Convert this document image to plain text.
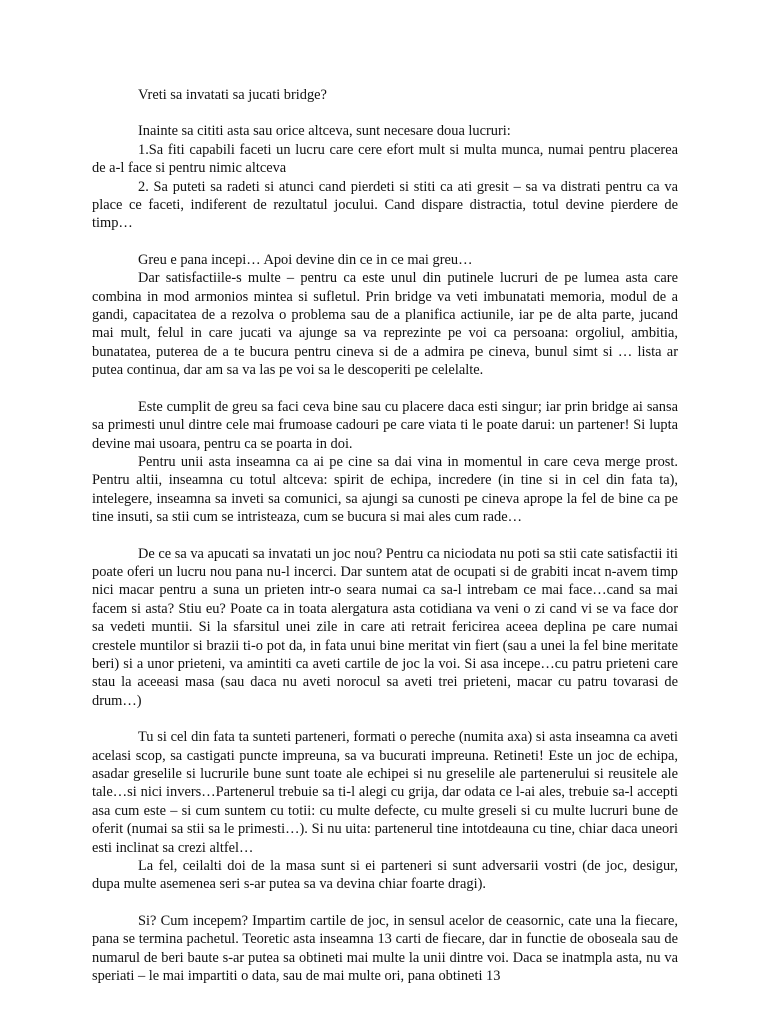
Vreti sa invatati sa jucati bridge?

Inainte sa cititi asta sau orice altceva, sunt necesare doua lucruri:

1.Sa fiti capabili faceti un lucru care cere efort mult si multa munca, numai pentru placerea de a-l face si pentru nimic altceva

2. Sa puteti sa radeti si atunci cand pierdeti si stiti ca ati gresit – sa va distrati pentru ca va place ce faceti, indiferent de rezultatul jocului. Cand dispare distractia, totul devine pierdere de timp…

Greu e pana incepi… Apoi devine din ce in ce mai greu…

Dar satisfactiile-s multe – pentru ca este unul din putinele lucruri de pe lumea asta care combina in mod armonios mintea si sufletul. Prin bridge va veti imbunatati memoria, modul de a gandi, capacitatea de a rezolva o problema sau de a planifica actiunile, iar pe de alta parte, jucand mai mult, felul in care jucati va ajunge sa va reprezinte pe voi ca persoana: orgoliul, ambitia, bunatatea, puterea de a te bucura pentru cineva si de a admira pe cineva, bunul simt si … lista ar putea continua, dar am sa va las pe voi sa le descoperiti pe celelalte.

Este cumplit de greu sa faci ceva bine sau cu placere daca esti singur; iar prin bridge ai sansa sa primesti unul dintre cele mai frumoase cadouri pe care viata ti le poate darui: un partener! Si lupta devine mai usoara, pentru ca se poarta in doi.

Pentru unii asta inseamna ca ai pe cine sa dai vina in momentul in care ceva merge prost. Pentru altii, inseamna cu totul altceva: spirit de echipa, incredere (in tine si in cel din fata ta), intelegere, inseamna sa inveti sa comunici, sa ajungi sa cunosti pe cineva aprope la fel de bine ca pe tine insuti, sa stii cum se intristeaza, cum se bucura si mai ales cum rade…

De ce sa va apucati sa invatati un joc nou? Pentru ca niciodata nu poti sa stii cate satisfactii iti poate oferi un lucru nou pana nu-l incerci. Dar suntem atat de ocupati si de grabiti incat n-avem timp nici macar pentru a suna un prieten intr-o seara numai ca sa-l intrebam ce mai face…cand sa mai facem si asta? Stiu eu? Poate ca in toata alergatura asta cotidiana va veni o zi cand vi se va face dor sa vedeti muntii. Si la sfarsitul unei zile in care ati retrait fericirea aceea deplina pe care numai crestele muntilor si brazii ti-o pot da, in fata unui bine meritat vin fiert (sau a unei la fel bine meritate beri) si a unor prieteni, va amintiti ca aveti cartile de joc la voi. Si asa incepe…cu patru prieteni care stau la aceeasi masa (sau daca nu aveti norocul sa aveti trei prieteni, macar cu patru tovarasi de drum…)

Tu si cel din fata ta sunteti parteneri, formati o pereche (numita axa) si asta inseamna ca aveti acelasi scop, sa castigati puncte impreuna, sa va bucurati impreuna. Retineti! Este un joc de echipa, asadar greselile si lucrurile bune sunt toate ale echipei si nu greselile ale partenerului si reusitele ale tale…si nici invers…Partenerul trebuie sa ti-l alegi cu grija, dar odata ce l-ai ales, trebuie sa-l accepti asa cum este – si cum suntem cu totii: cu multe defecte, cu multe greseli si cu multe lucruri bune de oferit (numai sa stii sa le primesti…). Si nu uita: partenerul tine intotdeauna cu tine, chiar daca uneori esti inclinat sa crezi altfel…

La fel, ceilalti doi de la masa sunt si ei parteneri si sunt adversarii vostri (de joc, desigur, dupa multe asemenea seri s-ar putea sa va devina chiar foarte dragi).

Si? Cum incepem? Impartim cartile de joc, in sensul acelor de ceasornic, cate una la fiecare, pana se termina pachetul. Teoretic asta inseamna 13 carti de fiecare, dar in functie de oboseala sau de numarul de beri baute s-ar putea sa obtineti mai multe la unii dintre voi. Daca se inatmpla asta, nu va speriati – le mai impartiti o data, sau de mai multe ori, pana obtineti 13
